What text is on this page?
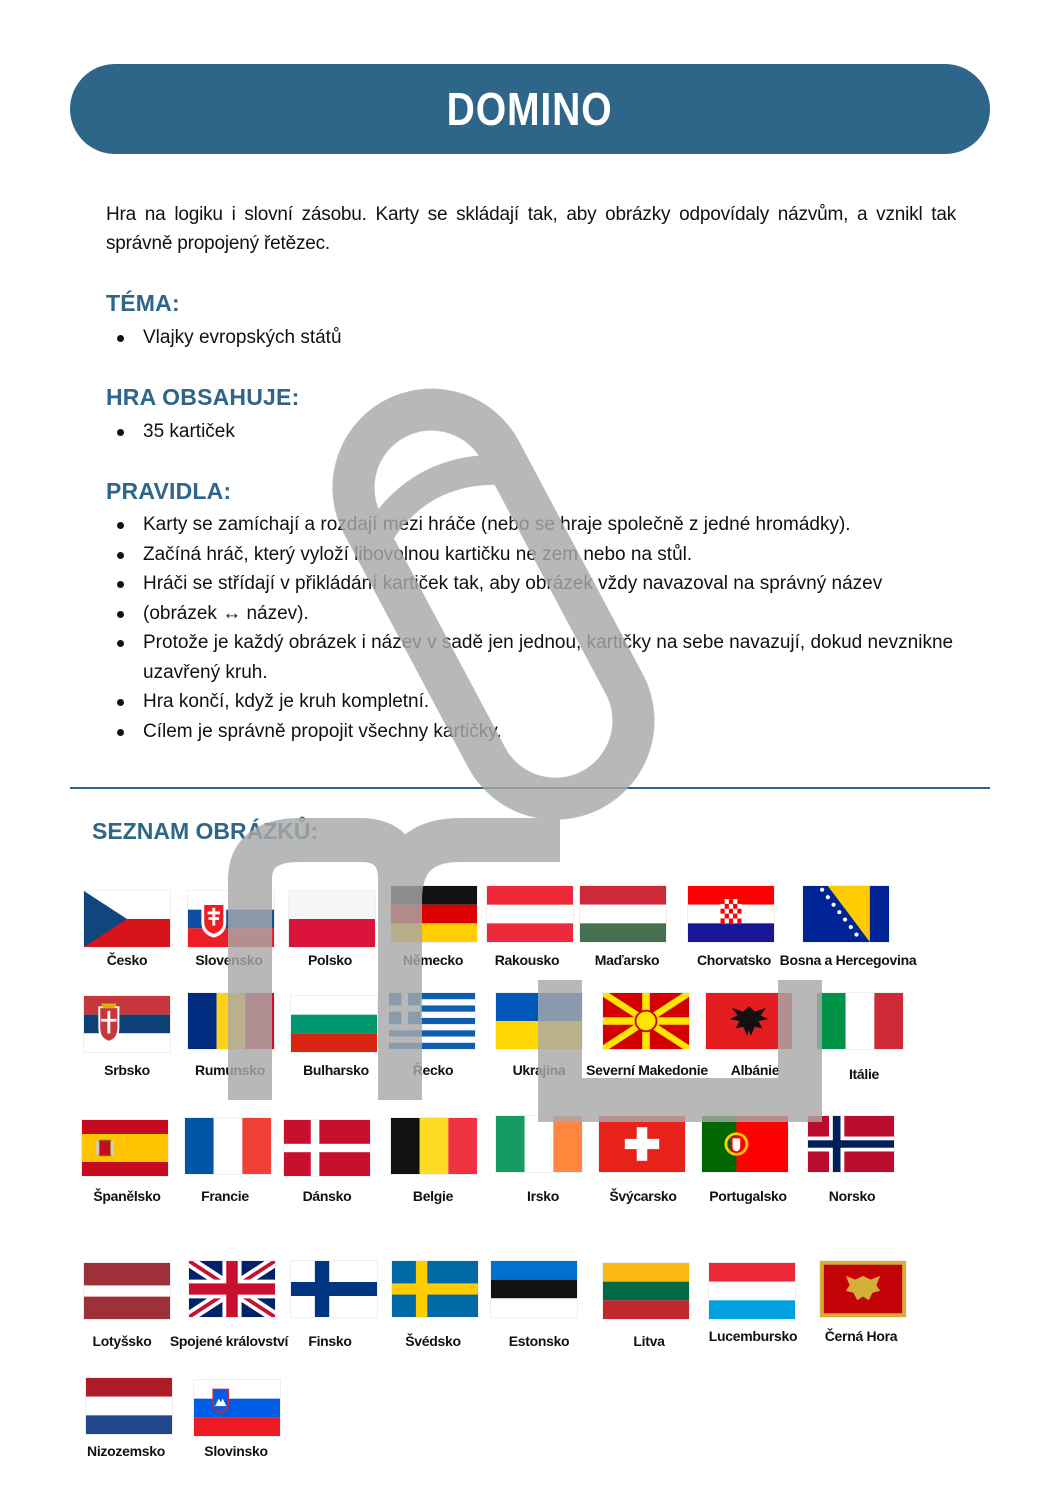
DOMINO
Hra na logiku i slovní zásobu. Karty se skládají tak, aby obrázky odpovídaly názvům, a vznikl tak správně propojený řetězec.
TÉMA:
Vlajky evropských států
HRA OBSAHUJE:
35 kartiček
PRAVIDLA:
Karty se zamíchají a rozdají mezi hráče (nebo se hraje společně z jedné hromádky).
Začíná hráč, který vyloží libovolnou kartičku ne zem nebo na stůl.
Hráči se střídají v přikládání kartiček tak, aby obrázek vždy navazoval na správný název
(obrázek ↔ název).
Protože je každý obrázek i název v sadě jen jednou, kartičky na sebe navazují, dokud nevznikne uzavřený kruh.
Hra končí, když je kruh kompletní.
Cílem je správně propojit všechny kartičky.
SEZNAM OBRÁZKŮ:
Česko	Slovensko	Polsko	Německo	Rakousko	Maďarsko	Chorvatsko Bosna a Hercegovina
Srbsko	Rumunsko	Bulharsko	Řecko	Ukrajina	Severní Makedonie	Albánie	Itálie
Španělsko	Francie	Dánsko	Belgie	Irsko	Švýcarsko	Portugalsko	Norsko
Lotyšsko	Spojené království	Finsko	Švédsko	Estonsko	Litva	Lucembursko	Černá Hora
Nizozemsko	Slovinsko
